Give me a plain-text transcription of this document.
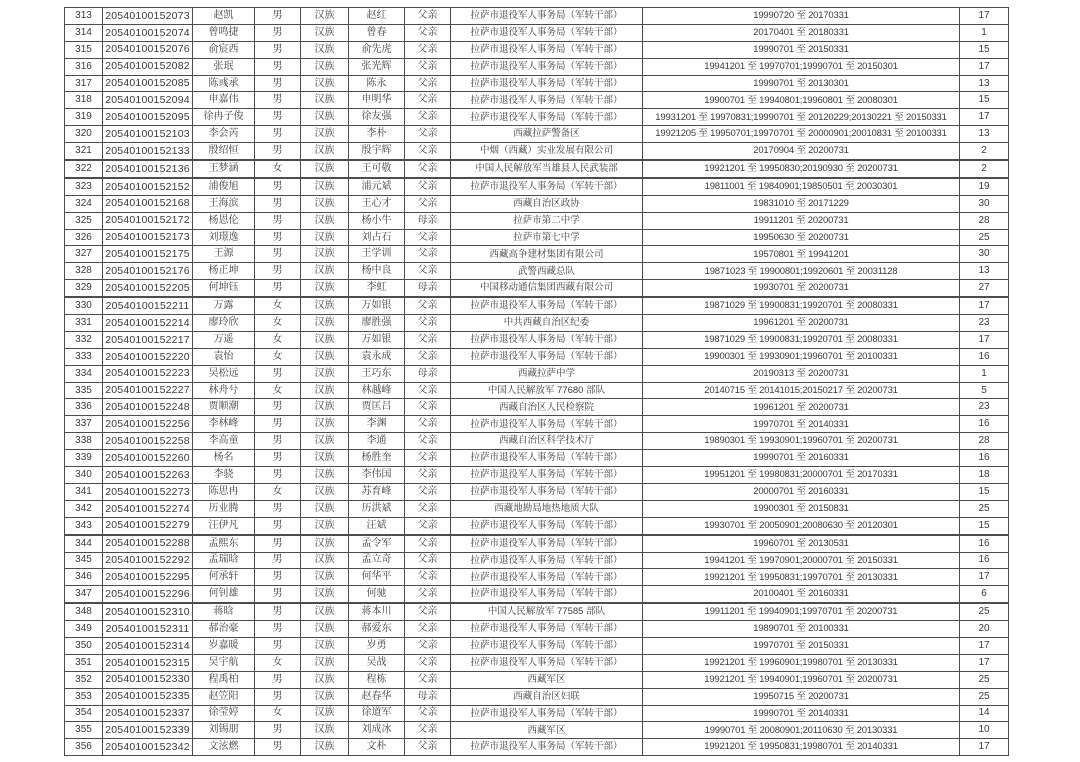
313	20540100152073	赵凯	男	汉族	赵红	父亲	拉萨市退役军人事务局（军转干部）	19990720 至 20170331	17
314	20540100152074	曾鸣捷	男	汉族	曾春	父亲	拉萨市退役军人事务局（军转干部）	20170401 至 20180331	1
315	20540100152076	俞宸西	男	汉族	俞先虎	父亲	拉萨市退役军人事务局（军转干部）	19990701 至 20150331	15
316	20540100152082	张珉	男	汉族	张光辉	父亲	拉萨市退役军人事务局（军转干部）	19941201 至 19970701;19990701 至 20150301	17
317	20540100152085	陈彧承	男	汉族	陈永	父亲	拉萨市退役军人事务局（军转干部）	19990701 至 20130301	13
318	20540100152094	申嘉伟	男	汉族	申明华	父亲	拉萨市退役军人事务局（军转干部）	19900701 至 19940801;19960801 至 20080301	15
319	20540100152095	徐冉子俊	男	汉族	徐友强	父亲	拉萨市退役军人事务局（军转干部）	19931201 至 19970831;19990701 至 20120229;20130221 至 20150331	17
320	20540100152103	李会芮	男	汉族	李朴	父亲	西藏拉萨警备区	19921205 至 19950701;19970701 至 20000901;20010831 至 20100331	13
321	20540100152133	殷绍恒	男	汉族	殷宇辉	父亲	中烟（西藏）实业发展有限公司	20170904 至 20200731	2
322	20540100152136	王梦涵	女	汉族	王可敬	父亲	中国人民解放军当雄县人民武装部	19921201 至 19950830;20190930 至 20200731	2
323	20540100152152	浦俊旭	男	汉族	浦元斌	父亲	拉萨市退役军人事务局（军转干部）	19811001 至 19840901;19850501 至 20030301	19
324	20540100152168	王海滨	男	汉族	王心才	父亲	西藏自治区政协	19831010 至 20171229	30
325	20540100152172	杨恩伦	男	汉族	杨小牛	母亲	拉萨市第二中学	19911201 至 20200731	28
326	20540100152173	刘璟逸	男	汉族	刘占石	父亲	拉萨市第七中学	19950630 至 20200731	25
327	20540100152175	王源	男	汉族	王学训	父亲	西藏高争建材集团有限公司	19570801 至 19941201	30
328	20540100152176	杨正坤	男	汉族	杨中良	父亲	武警西藏总队	19871023 至 19900801;19920601 至 20031128	13
329	20540100152205	何坤钰	男	汉族	李虹	母亲	中国移动通信集团西藏有限公司	19930701 至 20200731	27
330	20540100152211	万露	女	汉族	万如银	父亲	拉萨市退役军人事务局（军转干部）	19871029 至 19900831;19920701 至 20080331	17
331	20540100152214	廖玲欣	女	汉族	廖胜强	父亲	中共西藏自治区纪委	19961201 至 20200731	23
332	20540100152217	万遥	女	汉族	万如银	父亲	拉萨市退役军人事务局（军转干部）	19871029 至 19900831;19920701 至 20080331	17
333	20540100152220	袁怡	女	汉族	袁永成	父亲	拉萨市退役军人事务局（军转干部）	19900301 至 19930901;19960701 至 20100331	16
334	20540100152223	吴松远	男	汉族	王巧东	母亲	西藏拉萨中学	20190313 至 20200731	1
335	20540100152227	林舟兮	女	汉族	林越峰	父亲	中国人民解放军 77680 部队	20140715 至 20141015;20150217 至 20200731	5
336	20540100152248	贾顺潮	男	汉族	贾匡吕	父亲	西藏自治区人民检察院	19961201 至 20200731	23
337	20540100152256	李林峰	男	汉族	李渊	父亲	拉萨市退役军人事务局（军转干部）	19970701 至 20140331	16
338	20540100152258	李高童	男	汉族	李通	父亲	西藏自治区科学技术厅	19890301 至 19930901;19960701 至 20200731	28
339	20540100152260	杨名	男	汉族	杨胜奎	父亲	拉萨市退役军人事务局（军转干部）	19990701 至 20160331	16
340	20540100152263	李骁	男	汉族	李伟国	父亲	拉萨市退役军人事务局（军转干部）	19951201 至 19980831;20000701 至 20170331	18
341	20540100152273	陈思冉	女	汉族	苏育峰	父亲	拉萨市退役军人事务局（军转干部）	20000701 至 20160331	15
342	20540100152274	历业腾	男	汉族	历洪斌	父亲	西藏地勘局地热地质大队	19900301 至 20150831	25
343	20540100152279	汪伊凡	男	汉族	汪斌	父亲	拉萨市退役军人事务局（军转干部）	19930701 至 20050901;20080630 至 20120301	15
344	20540100152288	孟熙东	男	汉族	孟令军	父亲	拉萨市退役军人事务局（军转干部）	19960701 至 20130531	16
345	20540100152292	孟瑞晗	男	汉族	孟立奇	父亲	拉萨市退役军人事务局（军转干部）	19941201 至 19970901;20000701 至 20150331	16
346	20540100152295	何承轩	男	汉族	何华平	父亲	拉萨市退役军人事务局（军转干部）	19921201 至 19950831;19970701 至 20130331	17
347	20540100152296	何钊雄	男	汉族	何驰	父亲	拉萨市退役军人事务局（军转干部）	20100401 至 20160331	6
348	20540100152310	蒋晗	男	汉族	蒋本川	父亲	中国人民解放军 77585 部队	19911201 至 19940901;19970701 至 20200731	25
349	20540100152311	郝治豪	男	汉族	郝爱东	父亲	拉萨市退役军人事务局（军转干部）	19890701 至 20100331	20
350	20540100152314	岁嘉暖	男	汉族	岁勇	父亲	拉萨市退役军人事务局（军转干部）	19970701 至 20150331	17
351	20540100152315	吴宇航	女	汉族	吴战	父亲	拉萨市退役军人事务局（军转干部）	19921201 至 19960901;19980701 至 20130331	17
352	20540100152330	程禹柏	男	汉族	程栋	父亲	西藏军区	19921201 至 19940901;19960701 至 20200731	25
353	20540100152335	赵笠阳	男	汉族	赵春华	母亲	西藏自治区妇联	19950715 至 20200731	25
354	20540100152337	徐莹婷	女	汉族	徐道军	父亲	拉萨市退役军人事务局（军转干部）	19990701 至 20140331	14
355	20540100152339	刘锡朋	男	汉族	刘成冰	父亲	西藏军区	19990701 至 20080901;20110630 至 20130331	10
356	20540100152342	文泫燃	男	汉族	文朴	父亲	拉萨市退役军人事务局（军转干部）	19921201 至 19950831;19980701 至 20140331	17
